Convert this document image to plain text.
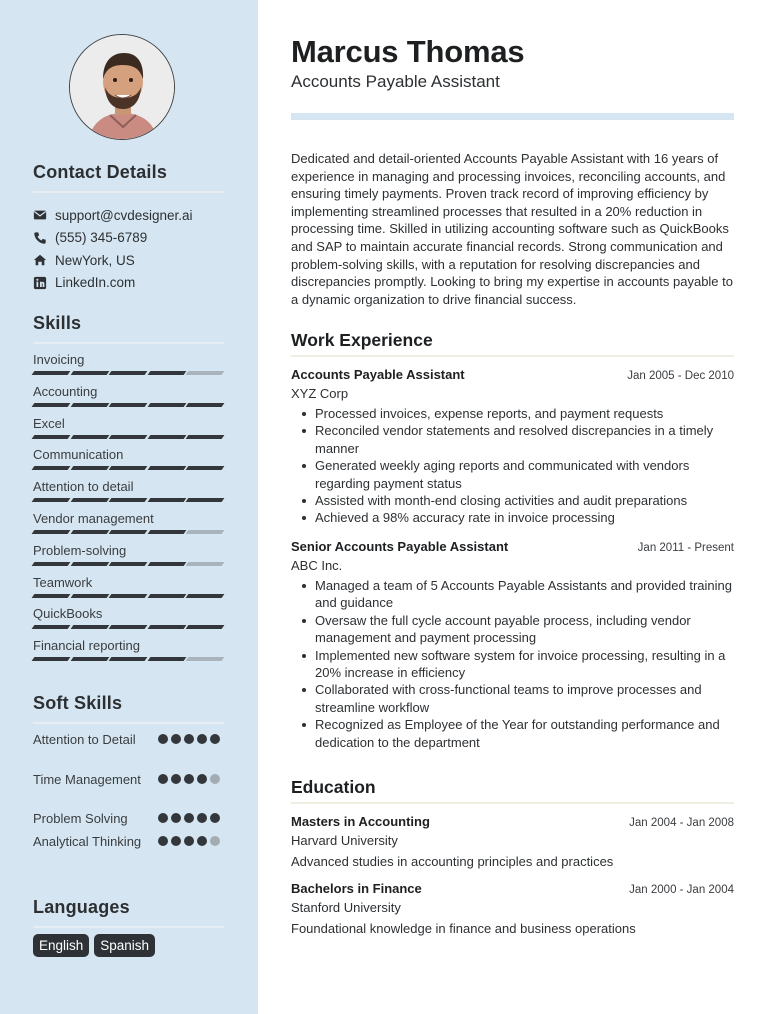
Contact Details
support@cvdesigner.ai
(555) 345-6789
NewYork, US
LinkedIn.com
Skills
Invoicing
Accounting
Excel
Communication
Attention to detail
Vendor management
Problem-solving
Teamwork
QuickBooks
Financial reporting
Soft Skills
Attention to Detail
Time Management
Problem Solving
Analytical Thinking
Languages
English	Spanish
Marcus Thomas
Accounts Payable Assistant

Dedicated and detail-oriented Accounts Payable Assistant with 16 years of experience in managing and processing invoices, reconciling accounts, and ensuring timely payments. Proven track record of improving efficiency by implementing streamlined processes that resulted in a 20% reduction in processing time. Skilled in utilizing accounting software such as QuickBooks and SAP to maintain accurate financial records. Strong communication and problem-solving skills, with a reputation for resolving discrepancies and discrepancies promptly. Looking to bring my expertise in accounts payable to a dynamic organization to drive financial success.

Work Experience
Accounts Payable Assistant	Jan 2005 - Dec 2010
XYZ Corp
Processed invoices, expense reports, and payment requests
Reconciled vendor statements and resolved discrepancies in a timely manner
Generated weekly aging reports and communicated with vendors regarding payment status
Assisted with month-end closing activities and audit preparations
Achieved a 98% accuracy rate in invoice processing
Senior Accounts Payable Assistant	Jan 2011 - Present
ABC Inc.
Managed a team of 5 Accounts Payable Assistants and provided training and guidance
Oversaw the full cycle account payable process, including vendor management and payment processing
Implemented new software system for invoice processing, resulting in a 20% increase in efficiency
Collaborated with cross-functional teams to improve processes and streamline workflow
Recognized as Employee of the Year for outstanding performance and dedication to the department
Education
Masters in Accounting	Jan 2004 - Jan 2008
Harvard University
Advanced studies in accounting principles and practices
Bachelors in Finance	Jan 2000 - Jan 2004
Stanford University
Foundational knowledge in finance and business operations
